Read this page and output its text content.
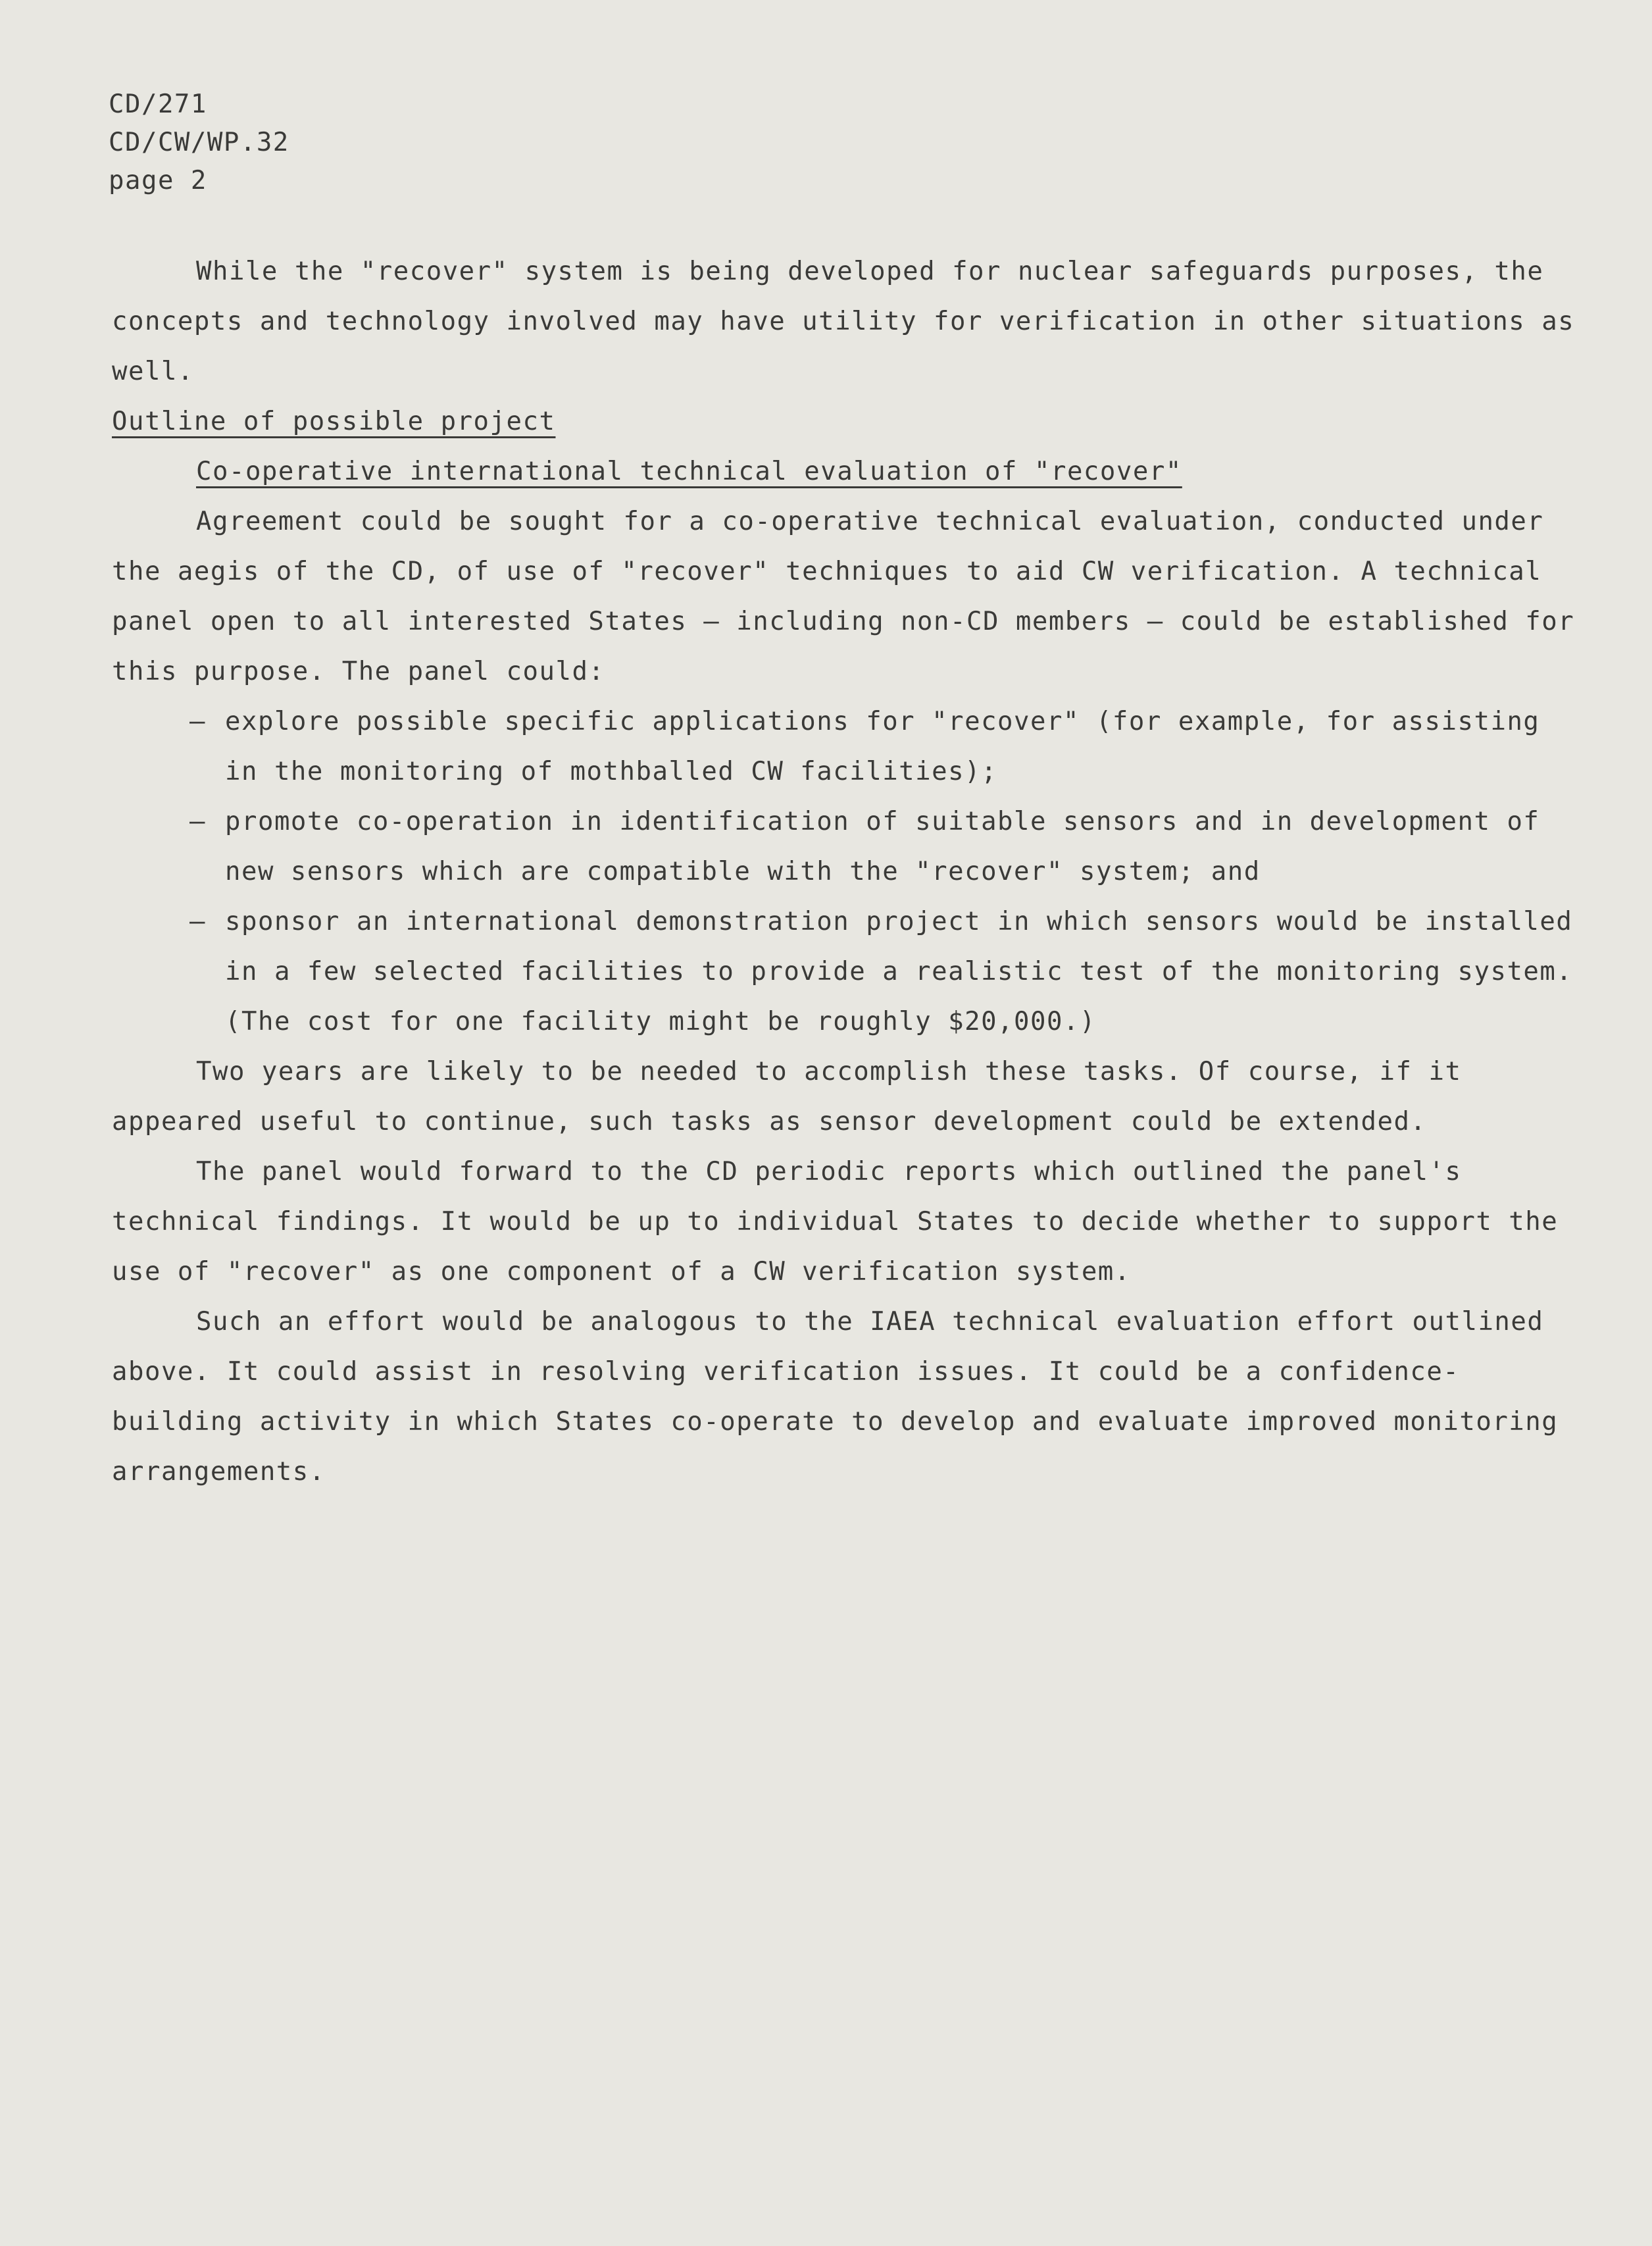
CD/271
CD/CW/WP.32
page 2

While the "recover" system is being developed for nuclear safeguards purposes, the concepts and technology involved may have utility for verification in other situations as well.

Outline of possible project
Co-operative international technical evaluation of "recover"

Agreement could be sought for a co-operative technical evaluation, conducted under the aegis of the CD, of use of "recover" techniques to aid CW verification. A technical panel open to all interested States — including non-CD members — could be established for this purpose. The panel could:

– explore possible specific applications for "recover" (for example, for assisting in the monitoring of mothballed CW facilities);
– promote co-operation in identification of suitable sensors and in development of new sensors which are compatible with the "recover" system; and
– sponsor an international demonstration project in which sensors would be installed in a few selected facilities to provide a realistic test of the monitoring system. (The cost for one facility might be roughly $20,000.)

Two years are likely to be needed to accomplish these tasks. Of course, if it appeared useful to continue, such tasks as sensor development could be extended.

The panel would forward to the CD periodic reports which outlined the panel's technical findings. It would be up to individual States to decide whether to support the use of "recover" as one component of a CW verification system.

Such an effort would be analogous to the IAEA technical evaluation effort outlined above. It could assist in resolving verification issues. It could be a confidence-building activity in which States co-operate to develop and evaluate improved monitoring arrangements.
